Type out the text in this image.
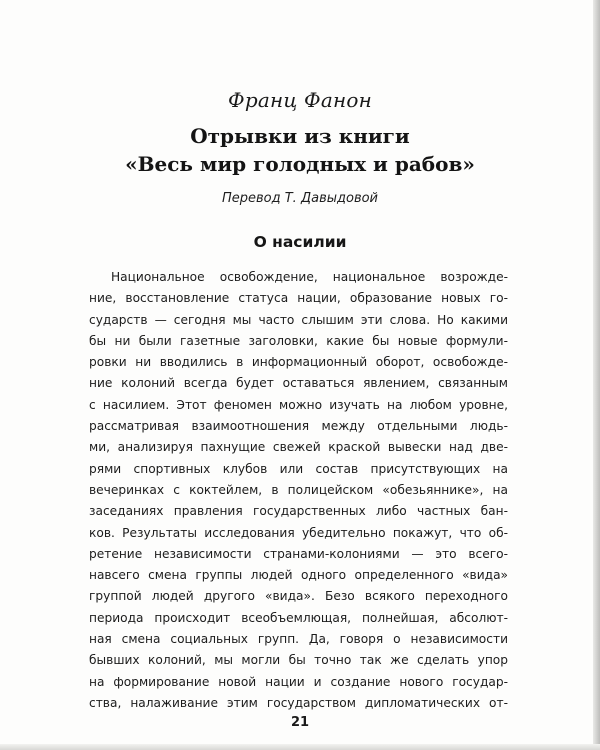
Франц Фанон
Отрывки из книги
«Весь мир голодных и рабов»
Перевод Т. Давыдовой
О насилии
Национальное освобождение, национальное возрожде-
ние, восстановление статуса нации, образование новых го-
сударств — сегодня мы часто слышим эти слова. Но какими
бы ни были газетные заголовки, какие бы новые формули-
ровки ни вводились в информационный оборот, освобожде-
ние колоний всегда будет оставаться явлением, связанным
с насилием. Этот феномен можно изучать на любом уровне,
рассматривая взаимоотношения между отдельными людь-
ми, анализируя пахнущие свежей краской вывески над две-
рями спортивных клубов или состав присутствующих на
вечеринках с коктейлем, в полицейском «обезьяннике», на
заседаниях правления государственных либо частных бан-
ков. Результаты исследования убедительно покажут, что об-
ретение независимости странами-колониями — это всего-
навсего смена группы людей одного определенного «вида»
группой людей другого «вида». Безо всякого переходного
периода происходит всеобъемлющая, полнейшая, абсолют-
ная смена социальных групп. Да, говоря о независимости
бывших колоний, мы могли бы точно так же сделать упор
на формирование новой нации и создание нового государ-
ства, налаживание этим государством дипломатических от-
21
